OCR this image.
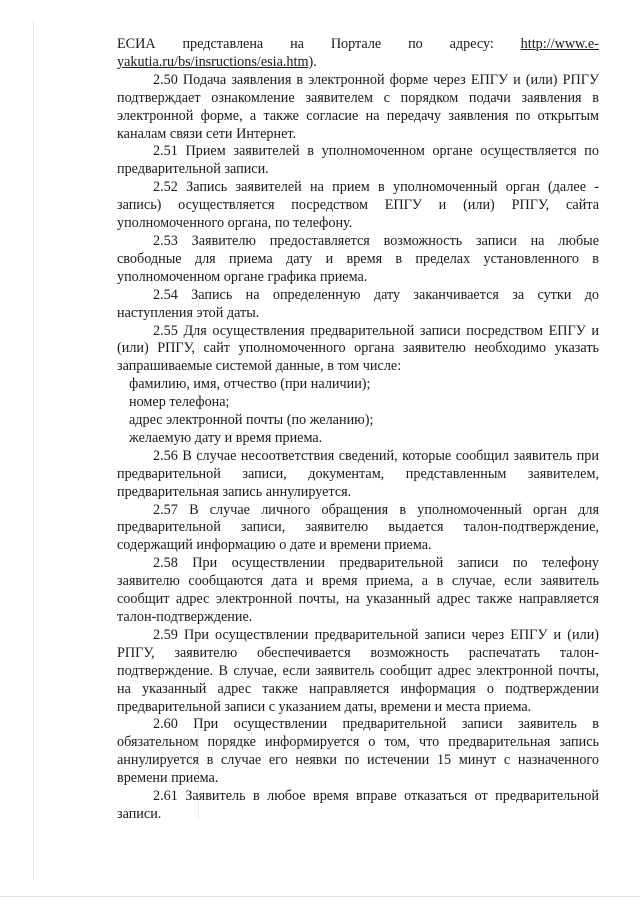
ЕСИА представлена на Портале по адресу: http://www.e-

yakutia.ru/bs/insructions/esia.htm).

2.50 Подача заявления в электронной форме через ЕПГУ и (или) РПГУ подтверждает ознакомление заявителем с порядком подачи заявления в электронной форме, а также согласие на передачу заявления по открытым каналам связи сети Интернет.

2.51 Прием заявителей в уполномоченном органе осуществляется по предварительной записи.

2.52 Запись заявителей на прием в уполномоченный орган (далее - запись) осуществляется посредством ЕПГУ и (или) РПГУ, сайта уполномоченного органа, по телефону.

2.53 Заявителю предоставляется возможность записи на любые свободные для приема дату и время в пределах установленного в уполномоченном органе графика приема.

2.54 Запись на определенную дату заканчивается за сутки до наступления этой даты.

2.55 Для осуществления предварительной записи посредством ЕПГУ и (или) РПГУ, сайт уполномоченного органа заявителю необходимо указать запрашиваемые системой данные, в том числе:

фамилию, имя, отчество (при наличии);

номер телефона;

адрес электронной почты (по желанию);

желаемую дату и время приема.

2.56 В случае несоответствия сведений, которые сообщил заявитель при предварительной записи, документам, представленным заявителем, предварительная запись аннулируется.

2.57 В случае личного обращения в уполномоченный орган для предварительной записи, заявителю выдается талон-подтверждение, содержащий информацию о дате и времени приема.

2.58 При осуществлении предварительной записи по телефону заявителю сообщаются дата и время приема, а в случае, если заявитель сообщит адрес электронной почты, на указанный адрес также направляется талон-подтверждение.

2.59 При осуществлении предварительной записи через ЕПГУ и (или) РПГУ, заявителю обеспечивается возможность распечатать талон-подтверждение. В случае, если заявитель сообщит адрес электронной почты, на указанный адрес также направляется информация о подтверждении предварительной записи с указанием даты, времени и места приема.

2.60 При осуществлении предварительной записи заявитель в обязательном порядке информируется о том, что предварительная запись аннулируется в случае его неявки по истечении 15 минут с назначенного времени приема.

2.61 Заявитель в любое время вправе отказаться от предварительной записи.
